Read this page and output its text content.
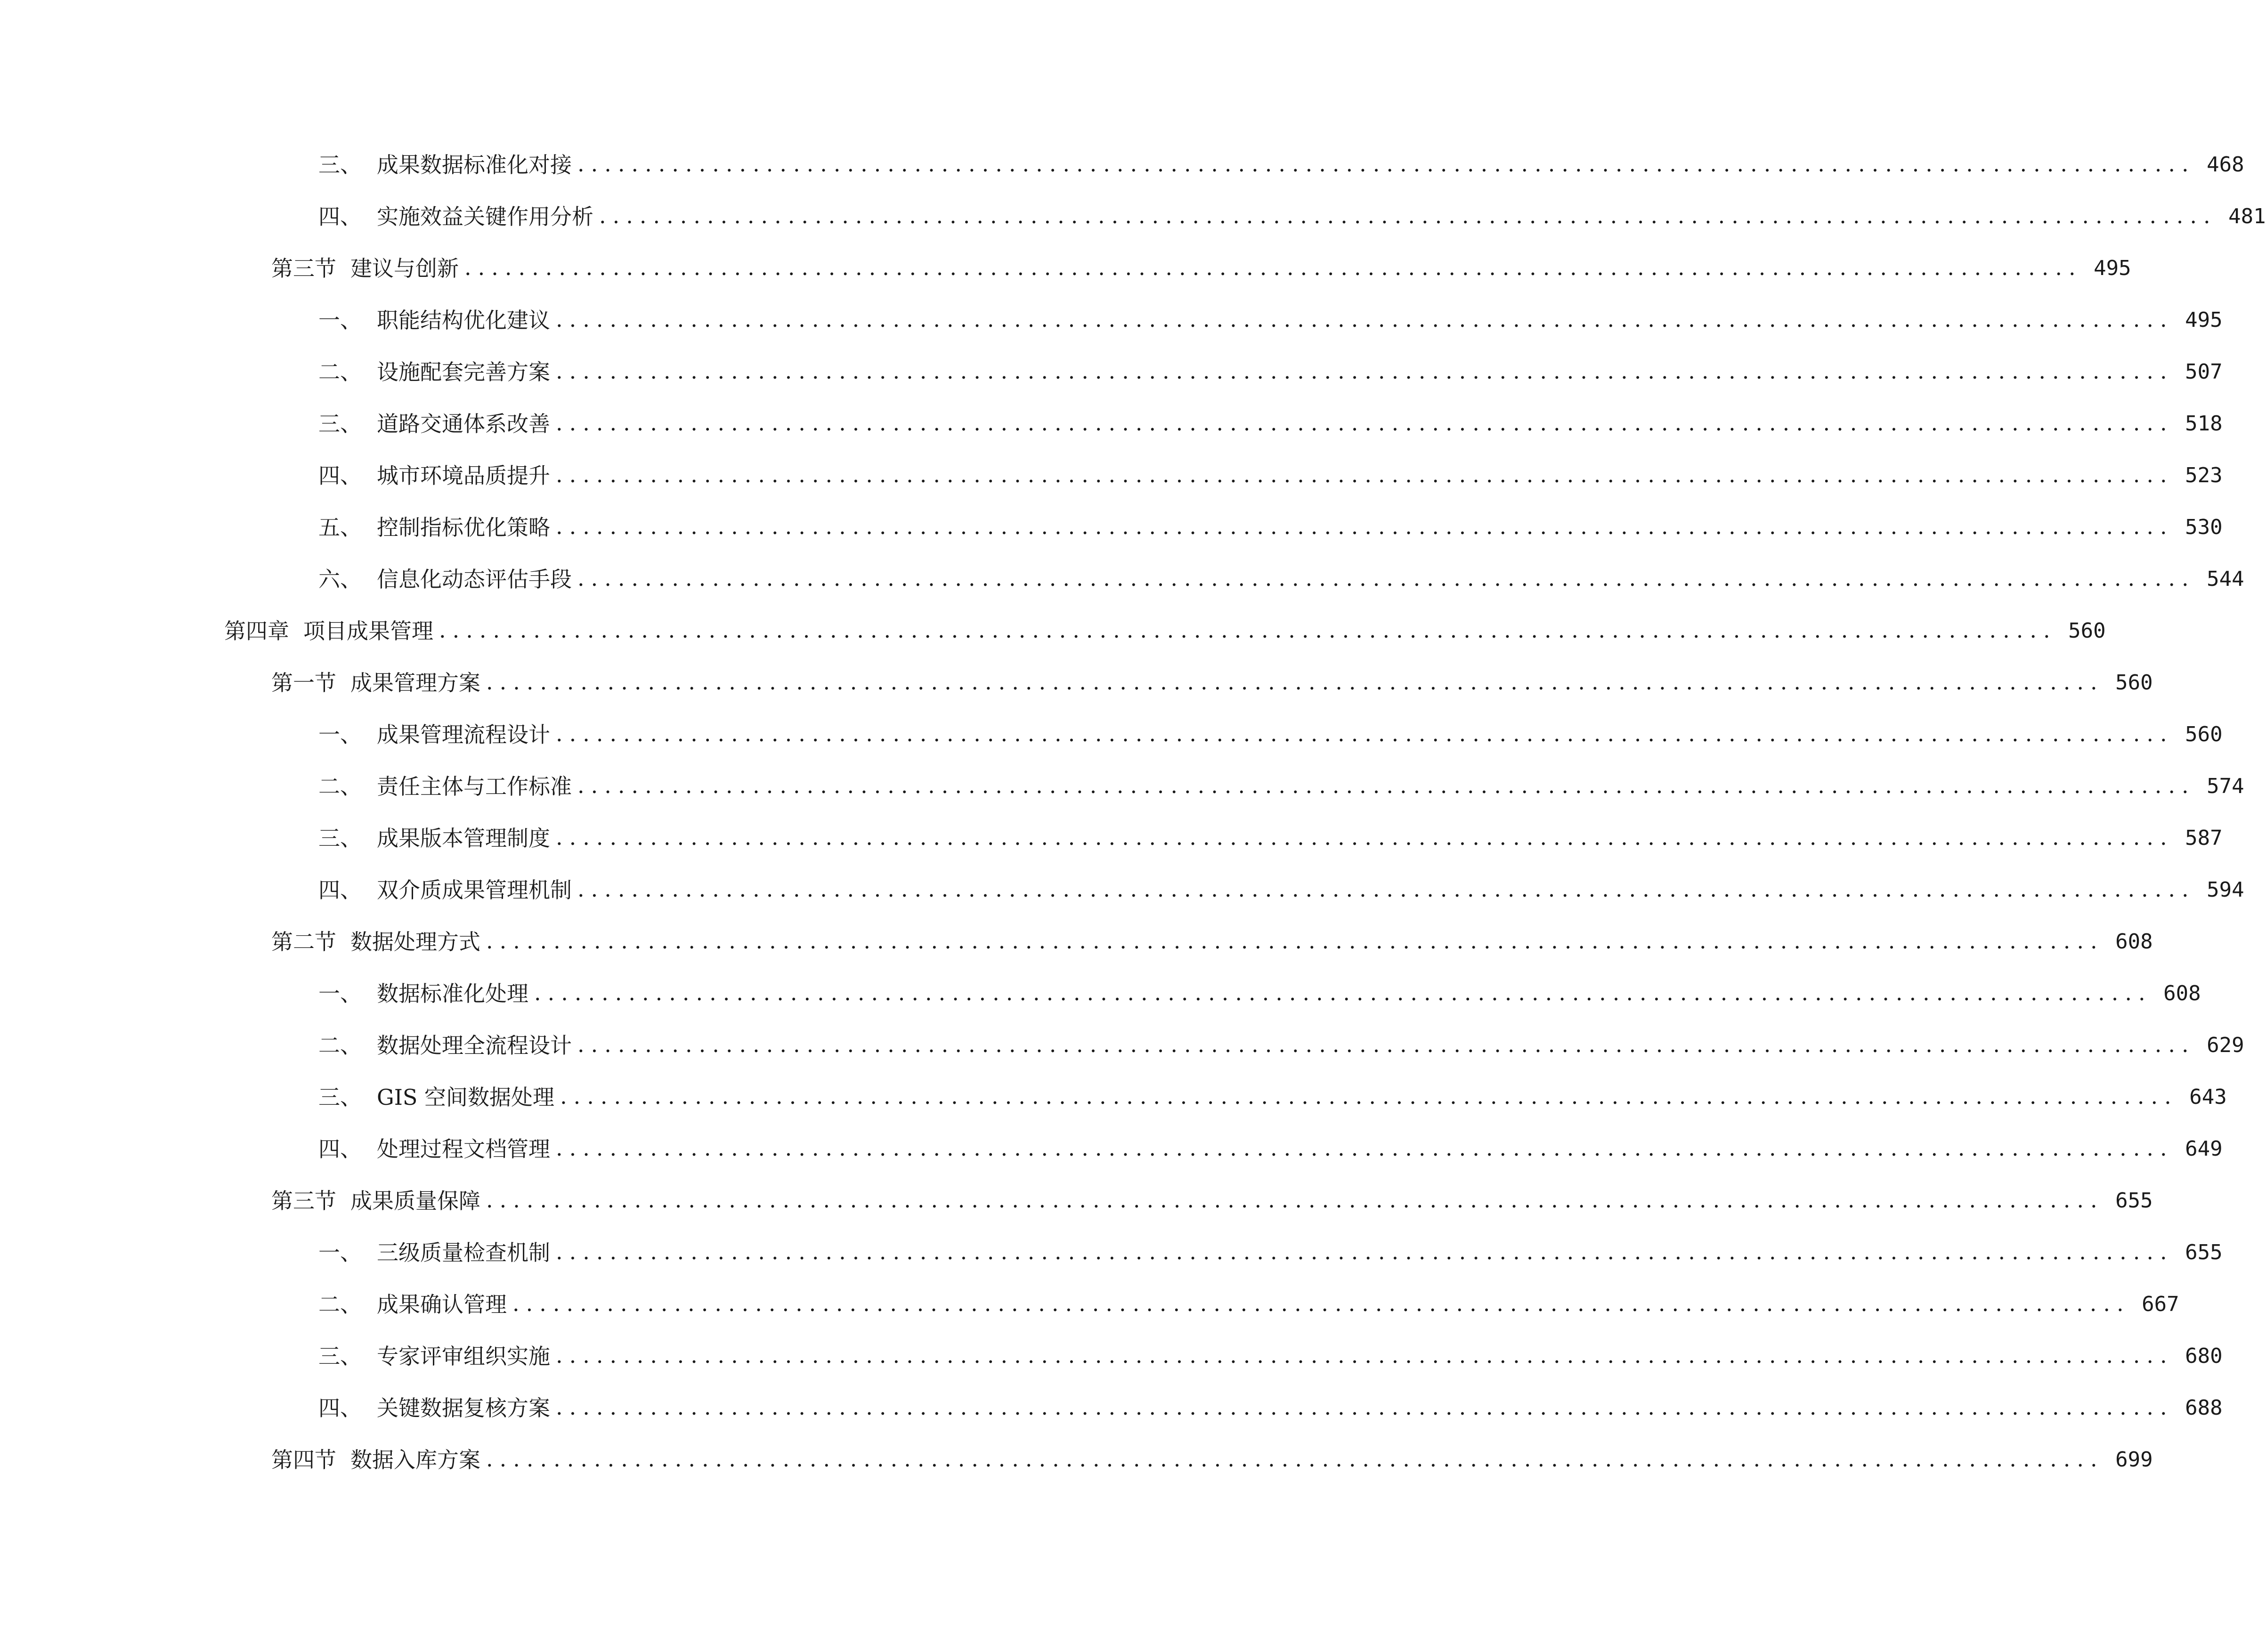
三、 成果数据标准化对接 ........................................................................................................................ 468
四、 实施效益关键作用分析 ........................................................................................................................ 481
第三节 建议与创新 ........................................................................................................................ 495
一、 职能结构优化建议 ........................................................................................................................ 495
二、 设施配套完善方案 ........................................................................................................................ 507
三、 道路交通体系改善 ........................................................................................................................ 518
四、 城市环境品质提升 ........................................................................................................................ 523
五、 控制指标优化策略 ........................................................................................................................ 530
六、 信息化动态评估手段 ........................................................................................................................ 544
第四章 项目成果管理 ........................................................................................................................ 560
第一节 成果管理方案 ........................................................................................................................ 560
一、 成果管理流程设计 ........................................................................................................................ 560
二、 责任主体与工作标准 ........................................................................................................................ 574
三、 成果版本管理制度 ........................................................................................................................ 587
四、 双介质成果管理机制 ........................................................................................................................ 594
第二节 数据处理方式 ........................................................................................................................ 608
一、 数据标准化处理 ........................................................................................................................ 608
二、 数据处理全流程设计 ........................................................................................................................ 629
三、 GIS 空间数据处理 ........................................................................................................................ 643
四、 处理过程文档管理 ........................................................................................................................ 649
第三节 成果质量保障 ........................................................................................................................ 655
一、 三级质量检查机制 ........................................................................................................................ 655
二、 成果确认管理 ........................................................................................................................ 667
三、 专家评审组织实施 ........................................................................................................................ 680
四、 关键数据复核方案 ........................................................................................................................ 688
第四节 数据入库方案 ........................................................................................................................ 699
